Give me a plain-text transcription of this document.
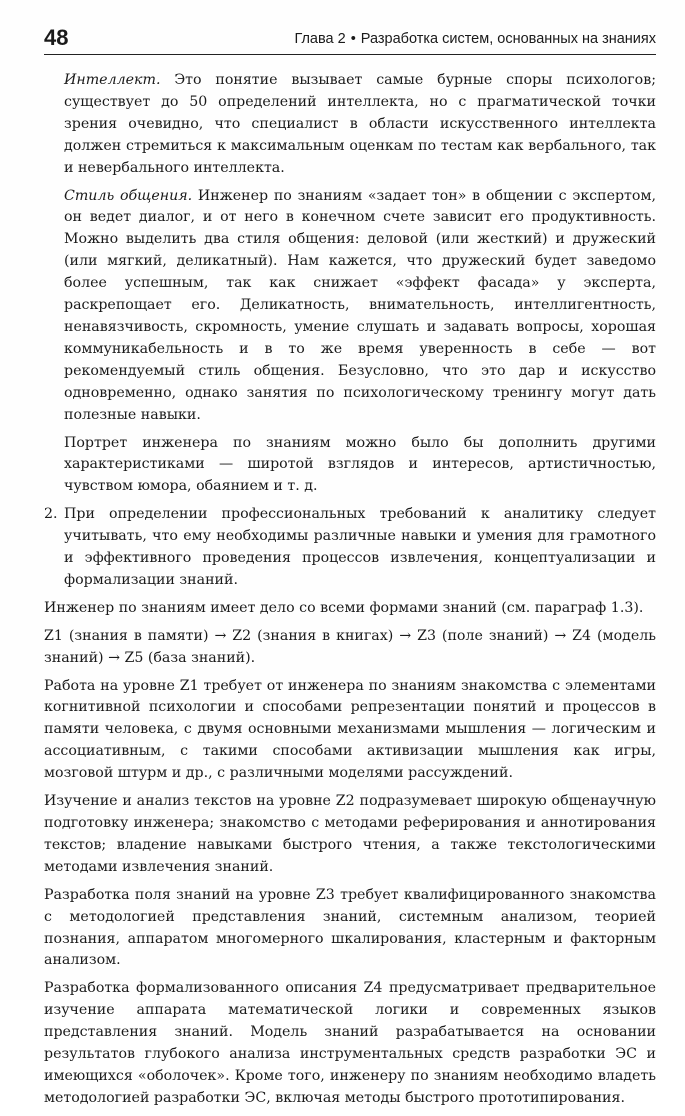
48	Глава 2 • Разработка систем, основанных на знаниях

Интеллект. Это понятие вызывает самые бурные споры психологов; существует до 50 определений интеллекта, но с прагматической точки зрения очевидно, что специалист в области искусственного интеллекта должен стремиться к максимальным оценкам по тестам как вербального, так и невербального интеллекта.

Стиль общения. Инженер по знаниям «задает тон» в общении с экспертом, он ведет диалог, и от него в конечном счете зависит его продуктивность. Можно выделить два стиля общения: деловой (или жесткий) и дружеский (или мягкий, деликатный). Нам кажется, что дружеский будет заведомо более успешным, так как снижает «эффект фасада» у эксперта, раскрепощает его. Деликатность, внимательность, интеллигентность, ненавязчивость, скромность, умение слушать и задавать вопросы, хорошая коммуникабельность и в то же время уверенность в себе — вот рекомендуемый стиль общения. Безусловно, что это дар и искусство одновременно, однако занятия по психологическому тренингу могут дать полезные навыки.

Портрет инженера по знаниям можно было бы дополнить другими характеристиками — широтой взглядов и интересов, артистичностью, чувством юмора, обаянием и т. д.

2. При определении профессиональных требований к аналитику следует учитывать, что ему необходимы различные навыки и умения для грамотного и эффективного проведения процессов извлечения, концептуализации и формализации знаний.

Инженер по знаниям имеет дело со всеми формами знаний (см. параграф 1.3).

Z1 (знания в памяти) → Z2 (знания в книгах) → Z3 (поле знаний) → Z4 (модель знаний) → Z5 (база знаний).

Работа на уровне Z1 требует от инженера по знаниям знакомства с элементами когнитивной психологии и способами репрезентации понятий и процессов в памяти человека, с двумя основными механизмами мышления — логическим и ассоциативным, с такими способами активизации мышления как игры, мозговой штурм и др., с различными моделями рассуждений.

Изучение и анализ текстов на уровне Z2 подразумевает широкую общенаучную подготовку инженера; знакомство с методами реферирования и аннотирования текстов; владение навыками быстрого чтения, а также текстологическими методами извлечения знаний.

Разработка поля знаний на уровне Z3 требует квалифицированного знакомства с методологией представления знаний, системным анализом, теорией познания, аппаратом многомерного шкалирования, кластерным и факторным анализом.

Разработка формализованного описания Z4 предусматривает предварительное изучение аппарата математической логики и современных языков представления знаний. Модель знаний разрабатывается на основании результатов глубокого анализа инструментальных средств разработки ЭС и имеющихся «оболочек». Кроме того, инженеру по знаниям необходимо владеть методологией разработки ЭС, включая методы быстрого прототипирования.
